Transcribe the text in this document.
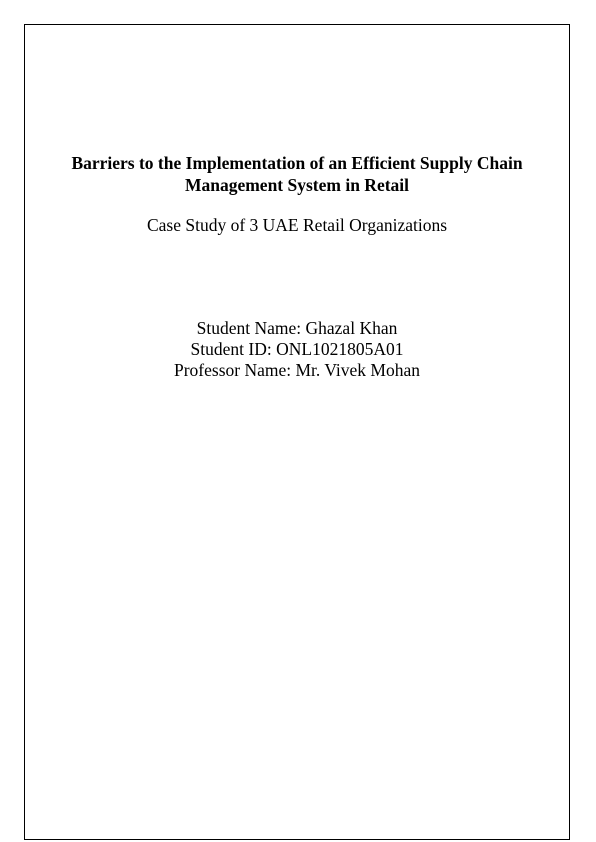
Barriers to the Implementation of an Efficient Supply Chain
Management System in Retail
Case Study of 3 UAE Retail Organizations
Student Name: Ghazal Khan
Student ID: ONL1021805A01
Professor Name: Mr. Vivek Mohan
